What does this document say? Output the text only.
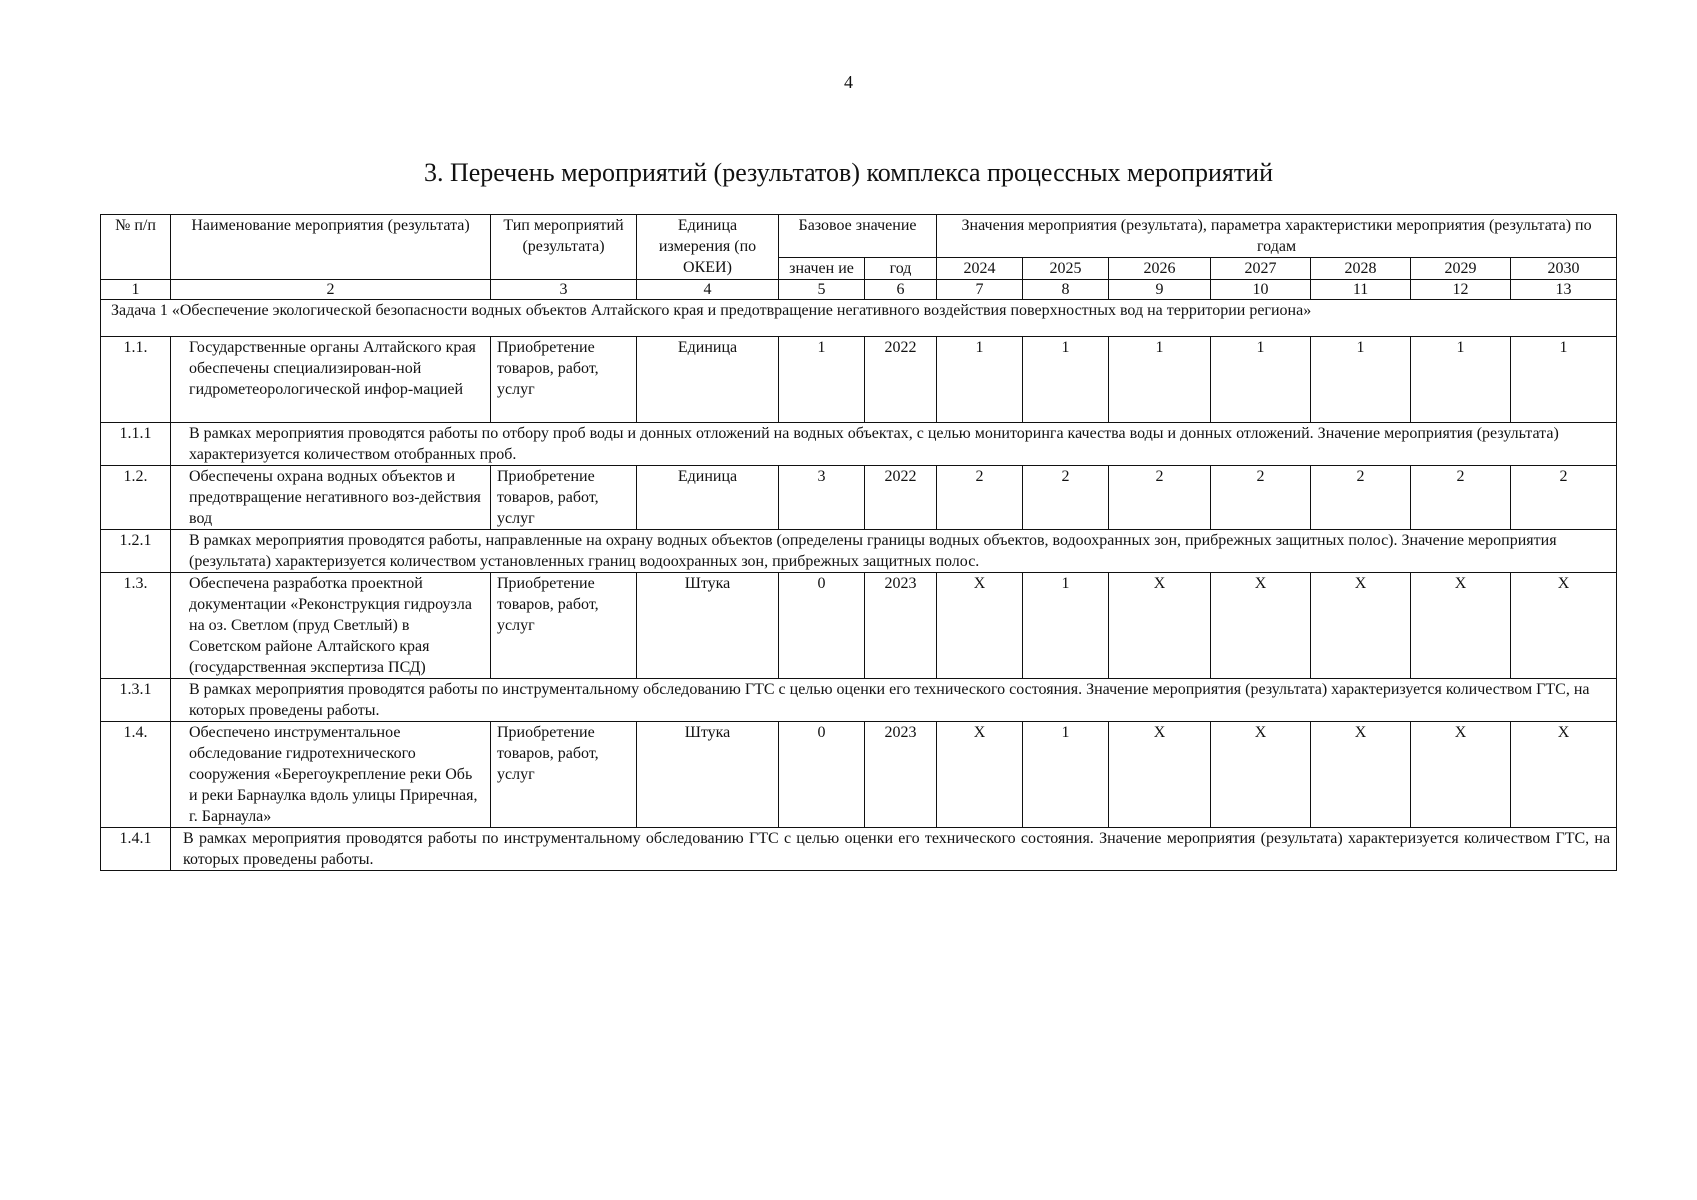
4
3. Перечень мероприятий (результатов) комплекса процессных мероприятий
№ п/п	Наименование мероприятия (результата)	Тип мероприятий (результата)	Единица измерения (по ОКЕИ)	Базовое значение		Значения мероприятия (результата), параметра характеристики мероприятия (результата) по годам						
				значен ие	год	2024	2025	2026	2027	2028	2029	2030
1	2	3	4	5	6	7	8	9	10	11	12	13
Задача 1 «Обеспечение экологической безопасности водных объектов Алтайского края и предотвращение негативного воздействия поверхностных вод на территории региона»												
1.1.	Государственные органы Алтайского края обеспечены специализирован-ной гидрометеорологической инфор-мацией	Приобретение товаров, работ, услуг	Единица	1	2022	1	1	1	1	1	1	1
1.1.1	В рамках мероприятия проводятся работы по отбору проб воды и донных отложений на водных объектах, с целью мониторинга качества воды и донных отложений. Значение мероприятия (результата) характеризуется количеством отобранных проб.											
1.2.	Обеспечены охрана водных объектов и предотвращение негативного воз-действия вод	Приобретение товаров, работ, услуг	Единица	3	2022	2	2	2	2	2	2	2
1.2.1	В рамках мероприятия проводятся работы, направленные на охрану водных объектов (определены границы водных объектов, водоохранных зон, прибрежных защитных полос). Значение мероприятия (результата) характеризуется количеством установленных границ водоохранных зон, прибрежных защитных полос.											
1.3.	Обеспечена разработка проектной документации «Реконструкция гидроузла на оз. Светлом (пруд Светлый) в Советском районе Алтайского края (государственная экспертиза ПСД)	Приобретение товаров, работ, услуг	Штука	0	2023	Х	1	Х	Х	Х	Х	Х
1.3.1	В рамках мероприятия проводятся работы по инструментальному обследованию ГТС с целью оценки его технического состояния. Значение мероприятия (результата) характеризуется количеством ГТС, на которых проведены работы.											
1.4.	Обеспечено инструментальное обследование гидротехнического сооружения «Берегоукрепление реки Обь и реки Барнаулка вдоль улицы Приречная, г. Барнаула»	Приобретение товаров, работ, услуг	Штука	0	2023	Х	1	Х	Х	Х	Х	Х
1.4.1	В рамках мероприятия проводятся работы по инструментальному обследованию ГТС с целью оценки его технического состояния. Значение мероприятия (результата) характеризуется количеством ГТС, на которых проведены работы.											
